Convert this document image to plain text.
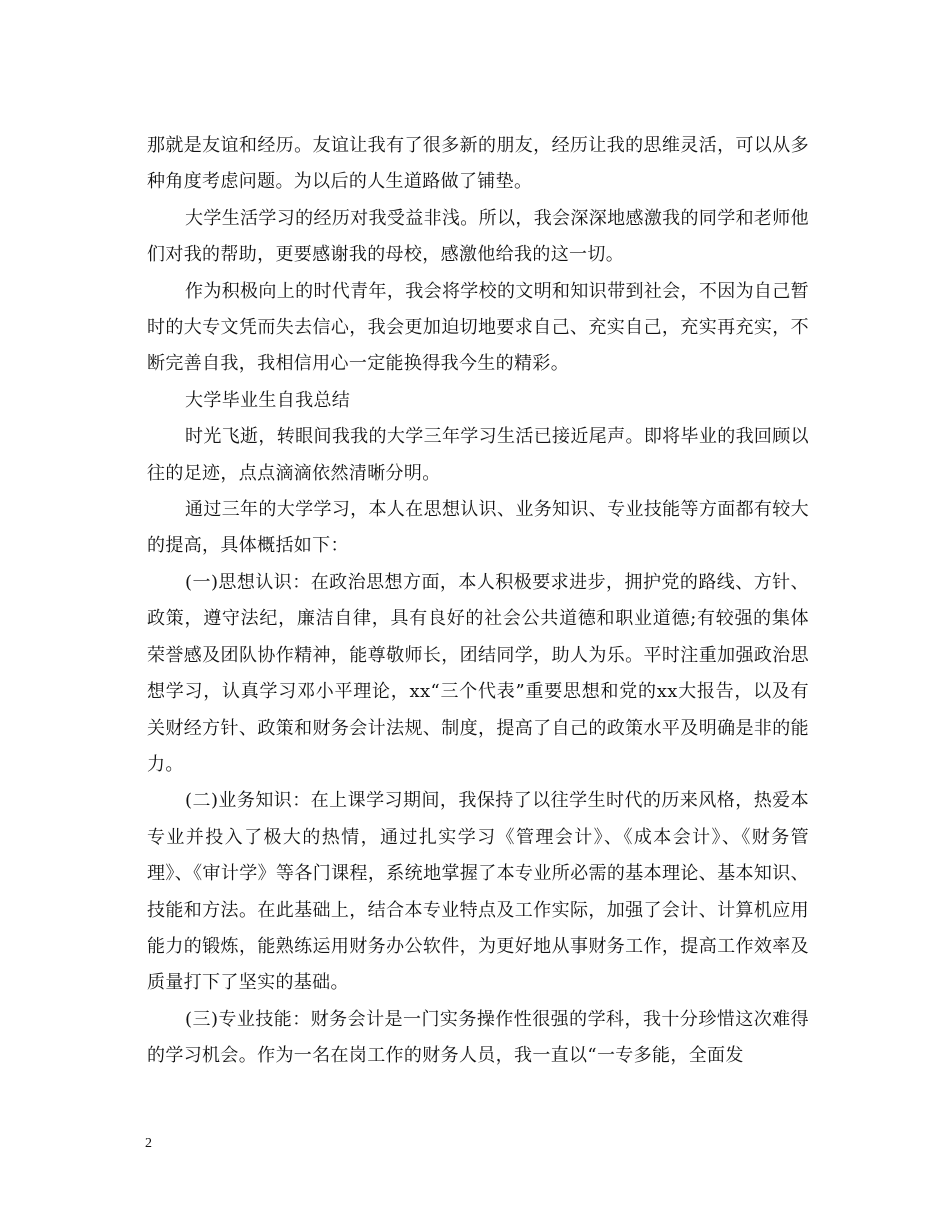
那就是友谊和经历。友谊让我有了很多新的朋友，经历让我的思维灵活，可以从多种角度考虑问题。为以后的人生道路做了铺垫。

大学生活学习的经历对我受益非浅。所以，我会深深地感激我的同学和老师他们对我的帮助，更要感谢我的母校，感激他给我的这一切。

作为积极向上的时代青年，我会将学校的文明和知识带到社会，不因为自己暂时的大专文凭而失去信心，我会更加迫切地要求自己、充实自己，充实再充实，不断完善自我，我相信用心一定能换得我今生的精彩。

大学毕业生自我总结

时光飞逝，转眼间我我的大学三年学习生活已接近尾声。即将毕业的我回顾以往的足迹，点点滴滴依然清晰分明。

通过三年的大学学习，本人在思想认识、业务知识、专业技能等方面都有较大的提高，具体概括如下：

(一)思想认识：在政治思想方面，本人积极要求进步，拥护党的路线、方针、政策，遵守法纪，廉洁自律，具有良好的社会公共道德和职业道德;有较强的集体荣誉感及团队协作精神，能尊敬师长，团结同学，助人为乐。平时注重加强政治思想学习，认真学习邓小平理论，xx“三个代表”重要思想和党的xx大报告，以及有关财经方针、政策和财务会计法规、制度，提高了自己的政策水平及明确是非的能力。

(二)业务知识：在上课学习期间，我保持了以往学生时代的历来风格，热爱本专业并投入了极大的热情，通过扎实学习《管理会计》、《成本会计》、《财务管理》、《审计学》等各门课程，系统地掌握了本专业所必需的基本理论、基本知识、技能和方法。在此基础上，结合本专业特点及工作实际，加强了会计、计算机应用能力的锻炼，能熟练运用财务办公软件，为更好地从事财务工作，提高工作效率及质量打下了坚实的基础。

(三)专业技能：财务会计是一门实务操作性很强的学科，我十分珍惜这次难得的学习机会。作为一名在岗工作的财务人员，我一直以“一专多能，全面发

2
